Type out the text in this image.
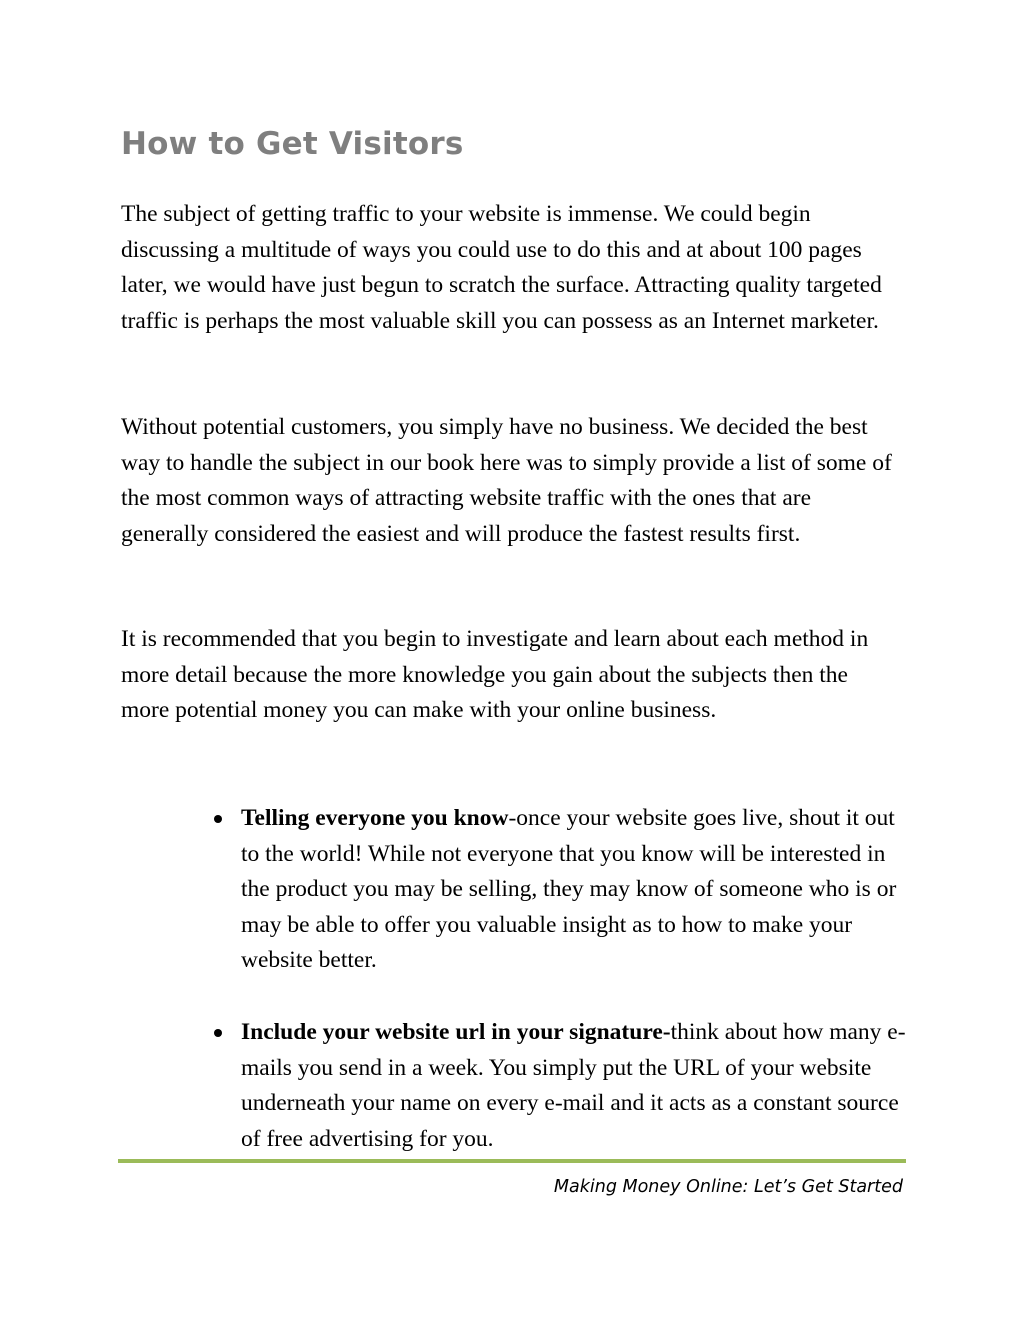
How to Get Visitors

The subject of getting traffic to your website is immense. We could begin discussing a multitude of ways you could use to do this and at about 100 pages later, we would have just begun to scratch the surface. Attracting quality targeted traffic is perhaps the most valuable skill you can possess as an Internet marketer.

Without potential customers, you simply have no business. We decided the best way to handle the subject in our book here was to simply provide a list of some of the most common ways of attracting website traffic with the ones that are generally considered the easiest and will produce the fastest results first.

It is recommended that you begin to investigate and learn about each method in more detail because the more knowledge you gain about the subjects then the more potential money you can make with your online business.

Telling everyone you know-once your website goes live, shout it out to the world! While not everyone that you know will be interested in the product you may be selling, they may know of someone who is or may be able to offer you valuable insight as to how to make your website better.
Include your website url in your signature-think about how many e-mails you send in a week. You simply put the URL of your website underneath your name on every e-mail and it acts as a constant source of free advertising for you.

Making Money Online: Let’s Get Started
